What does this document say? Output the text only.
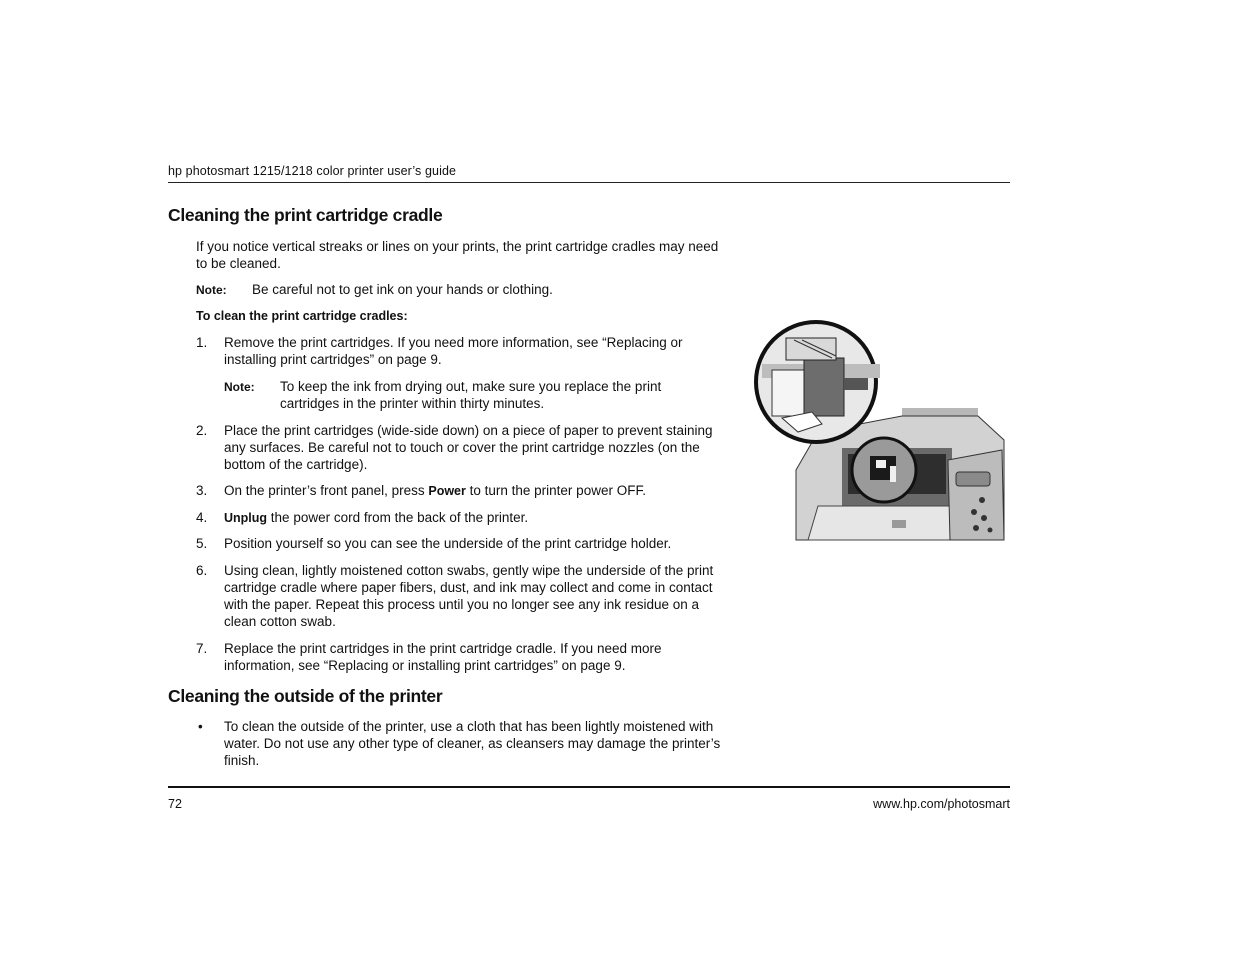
hp photosmart 1215/1218 color printer user’s guide
Cleaning the print cartridge cradle
If you notice vertical streaks or lines on your prints, the print cartridge cradles may need
to be cleaned.
Note: Be careful not to get ink on your hands or clothing.
To clean the print cartridge cradles:
1. Remove the print cartridges. If you need more information, see “Replacing or
installing print cartridges” on page 9.
Note: To keep the ink from drying out, make sure you replace the print
cartridges in the printer within thirty minutes.
2. Place the print cartridges (wide-side down) on a piece of paper to prevent staining
any surfaces. Be careful not to touch or cover the print cartridge nozzles (on the
bottom of the cartridge).
3. On the printer’s front panel, press Power to turn the printer power OFF.
4. Unplug the power cord from the back of the printer.
5. Position yourself so you can see the underside of the print cartridge holder.
6. Using clean, lightly moistened cotton swabs, gently wipe the underside of the print
cartridge cradle where paper fibers, dust, and ink may collect and come in contact
with the paper. Repeat this process until you no longer see any ink residue on a
clean cotton swab.
7. Replace the print cartridges in the print cartridge cradle. If you need more
information, see “Replacing or installing print cartridges” on page 9.
Cleaning the outside of the printer
• To clean the outside of the printer, use a cloth that has been lightly moistened with
water. Do not use any other type of cleaner, as cleansers may damage the printer’s
finish.
72	www.hp.com/photosmart
